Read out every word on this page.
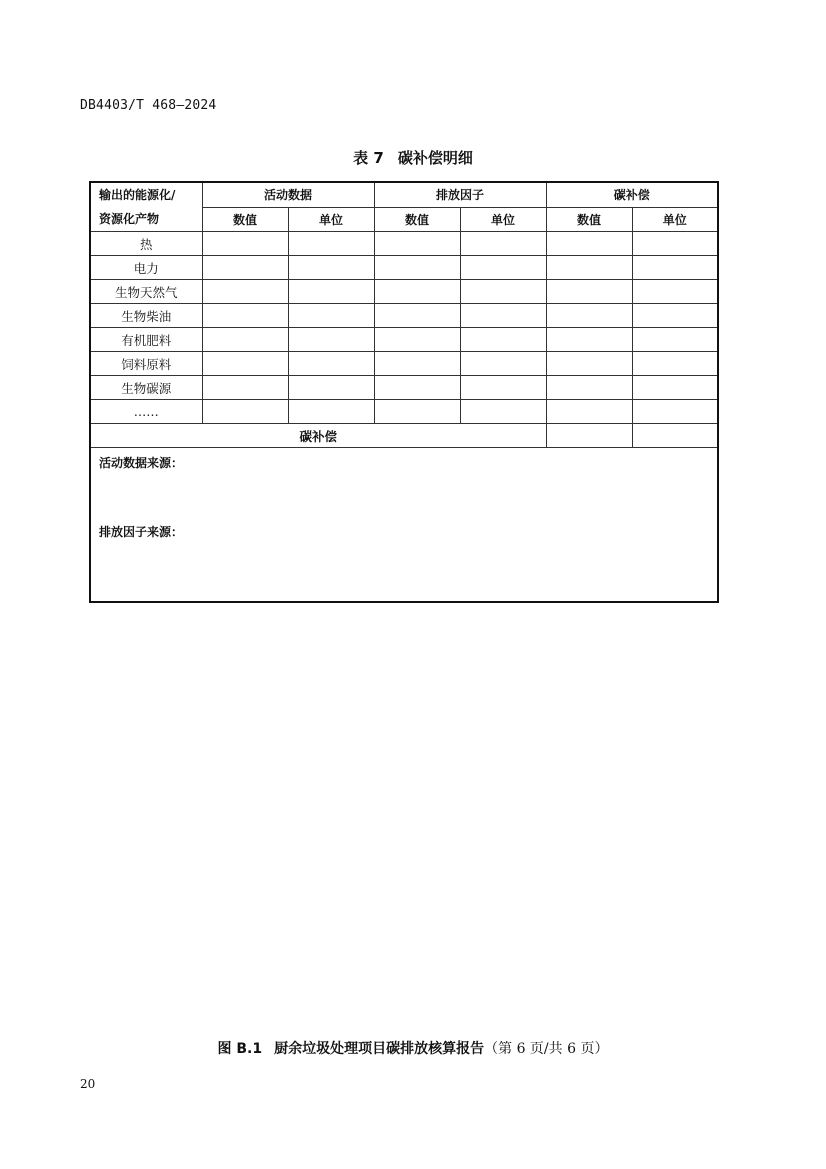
DB4403/T 468—2024
表 7 碳补偿明细
输出的能源化/
资源化产物	活动数据		排放因子		碳补偿	
	数值	单位	数值	单位	数值	单位
热						
电力						
生物天然气						
生物柴油						
有机肥料						
饲料原料						
生物碳源						
……						
碳补偿						

活动数据来源：
排放因子来源：						
图 B.1 厨余垃圾处理项目碳排放核算报告（第 6 页/共 6 页）
20
